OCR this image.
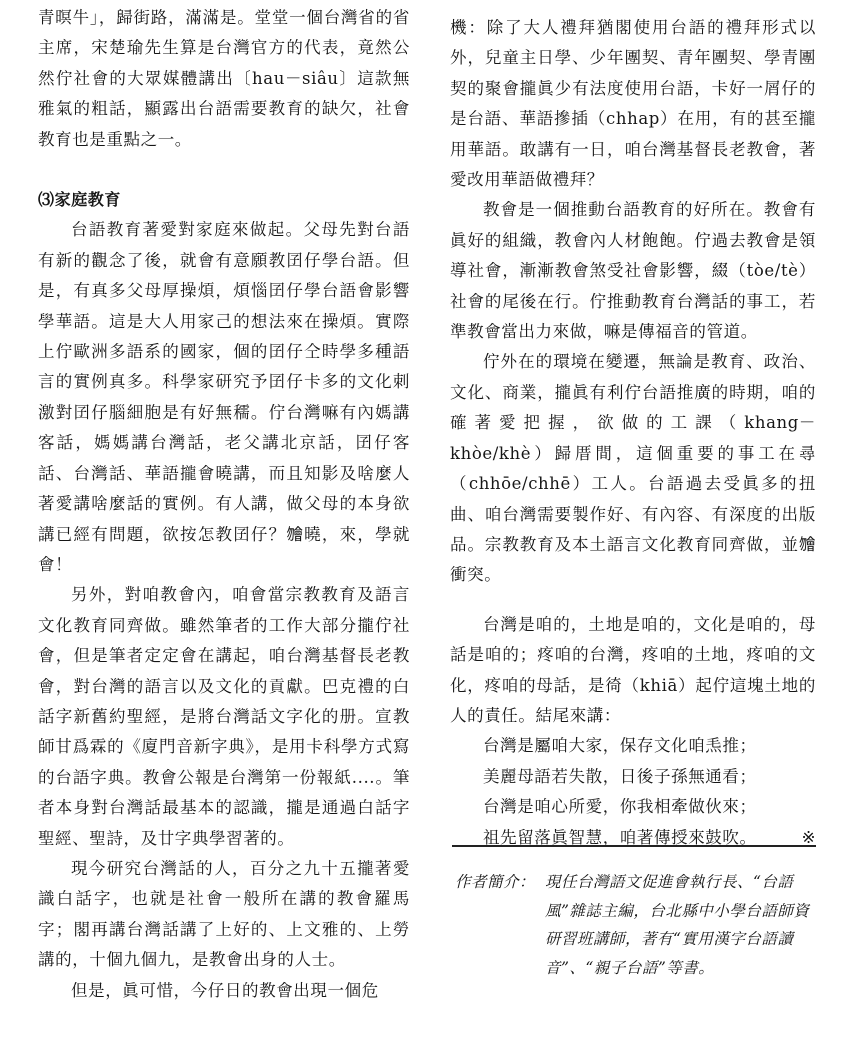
青暝牛」，歸街路，滿滿是。堂堂一個台灣省的省主席，宋楚瑜先生算是台灣官方的代表，竟然公然佇社會的大眾媒體講出〔hau－siâu〕這款無雅氣的粗話，顯露出台語需要教育的缺欠，社會教育也是重點之一。

⑶家庭教育

台語教育著愛對家庭來做起。父母先對台語有新的觀念了後，就會有意願教囝仔學台語。但是，有真多父母厚操煩，煩惱囝仔學台語會影響學華語。這是大人用家己的想法來在操煩。實際上佇歐洲多語系的國家，個的囝仔仝時學多種語言的實例真多。科學家研究予囝仔卡多的文化刺激對囝仔腦細胞是有好無穤。佇台灣嘛有內媽講客話，媽媽講台灣話，老父講北京話，囝仔客話、台灣話、華語攏會曉講，而且知影及啥麼人著愛講啥麼話的實例。有人講，做父母的本身欲講已經有問題，欲按怎教囝仔？𣍐曉，來，學就會！

另外，對咱教會內，咱會當宗教教育及語言文化教育同齊做。雖然筆者的工作大部分攏佇社會，但是筆者定定會在講起，咱台灣基督長老教會，對台灣的語言以及文化的貢獻。巴克禮的白話字新舊約聖經，是將台灣話文字化的册。宣教師甘爲霖的《廈門音新字典》，是用卡科學方式寫的台語字典。教會公報是台灣第一份報紙....。筆者本身對台灣話最基本的認識，攏是通過白話字聖經、聖詩，及廿字典學習著的。

現今研究台灣話的人，百分之九十五攏著愛識白話字，也就是社會一般所在講的教會羅馬字；閣再講台灣話講了上好的、上文雅的、上勞講的，十個九個九，是教會出身的人士。

但是，眞可惜，今仔日的教會出現一個危

機：除了大人禮拜猶閣使用台語的禮拜形式以外，兒童主日學、少年團契、青年團契、學青團契的聚會攏眞少有法度使用台語，卡好一屑仔的是台語、華語摻插（chhap）在用，有的甚至攏用華語。敢講有一日，咱台灣基督長老教會，著愛改用華語做禮拜？

教會是一個推動台語教育的好所在。教會有眞好的組織，教會內人材飽飽。佇過去教會是領導社會，漸漸教會煞受社會影響，綴（tòe/tè）社會的尾後在行。佇推動教育台灣話的事工，若準教會當出力來做，嘛是傳福音的管道。

佇外在的環境在變遷，無論是教育、政治、文化、商業，攏眞有利佇台語推廣的時期，咱的確著愛把握，欲做的工課（khang－khòe/khè）歸厝間，這個重要的事工在尋（chhōe/chhē）工人。台語過去受眞多的扭曲、咱台灣需要製作好、有內容、有深度的出版品。宗教教育及本土語言文化教育同齊做，並𣍐衝突。

台灣是咱的，土地是咱的，文化是咱的，母話是咱的；疼咱的台灣，疼咱的土地，疼咱的文化，疼咱的母話，是徛（khiā）起佇這塊土地的人的責任。結尾來講：

台灣是屬咱大家，保存文化咱𤆬推；
美麗母語若失散，日後子孫無通看；
台灣是咱心所愛，你我相牽做伙來；
祖先留落眞智慧，咱著傳授來鼓吹。	※
作者簡介： 現任台灣語文促進會執行長、“台語風”雜誌主編，台北縣中小學台語師資研習班講師，著有“實用漢字台語讀音”、“親子台語”等書。
